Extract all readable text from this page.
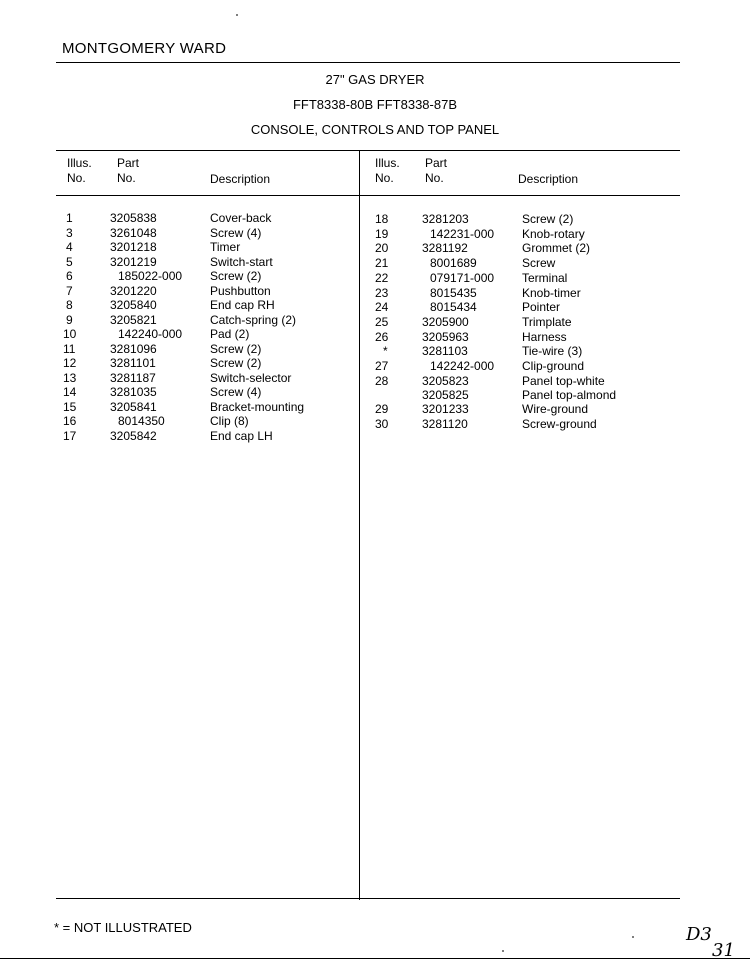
MONTGOMERY WARD
27" GAS DRYER
FFT8338-80B FFT8338-87B
CONSOLE, CONTROLS AND TOP PANEL
Illus.
No.
Part
No.	Description
Illus.
No.
Part
No.	Description
1	3205838	Cover-back
3	3261048	Screw (4)
4	3201218	Timer
5	3201219	Switch-start
6	185022-000 Screw (2)
7	3201220	Pushbutton
8	3205840	End cap RH
9	3205821	Catch-spring (2)
10	142240-000 Pad (2)
11	3281096	Screw (2)
12	3281101	Screw (2)
13	3281187	Switch-selector
14	3281035	Screw (4)
15	3205841	Bracket-mounting
16	8014350	Clip (8)
17	3205842	End cap LH
18	3281203	Screw (2)
19	142231-000 Knob-rotary
20	3281192	Grommet (2)
21	8001689	Screw
22	079171-000 Terminal
23	8015435	Knob-timer
24	8015434	Pointer
25	3205900	Trimplate
26	3205963	Harness
*	3281103	Tie-wire (3)
27	142242-000 Clip-ground
28	3205823	Panel top-white
3205825	Panel top-almond
29	3201233	Wire-ground
30	3281120	Screw-ground
* = NOT ILLUSTRATED	D3
31
